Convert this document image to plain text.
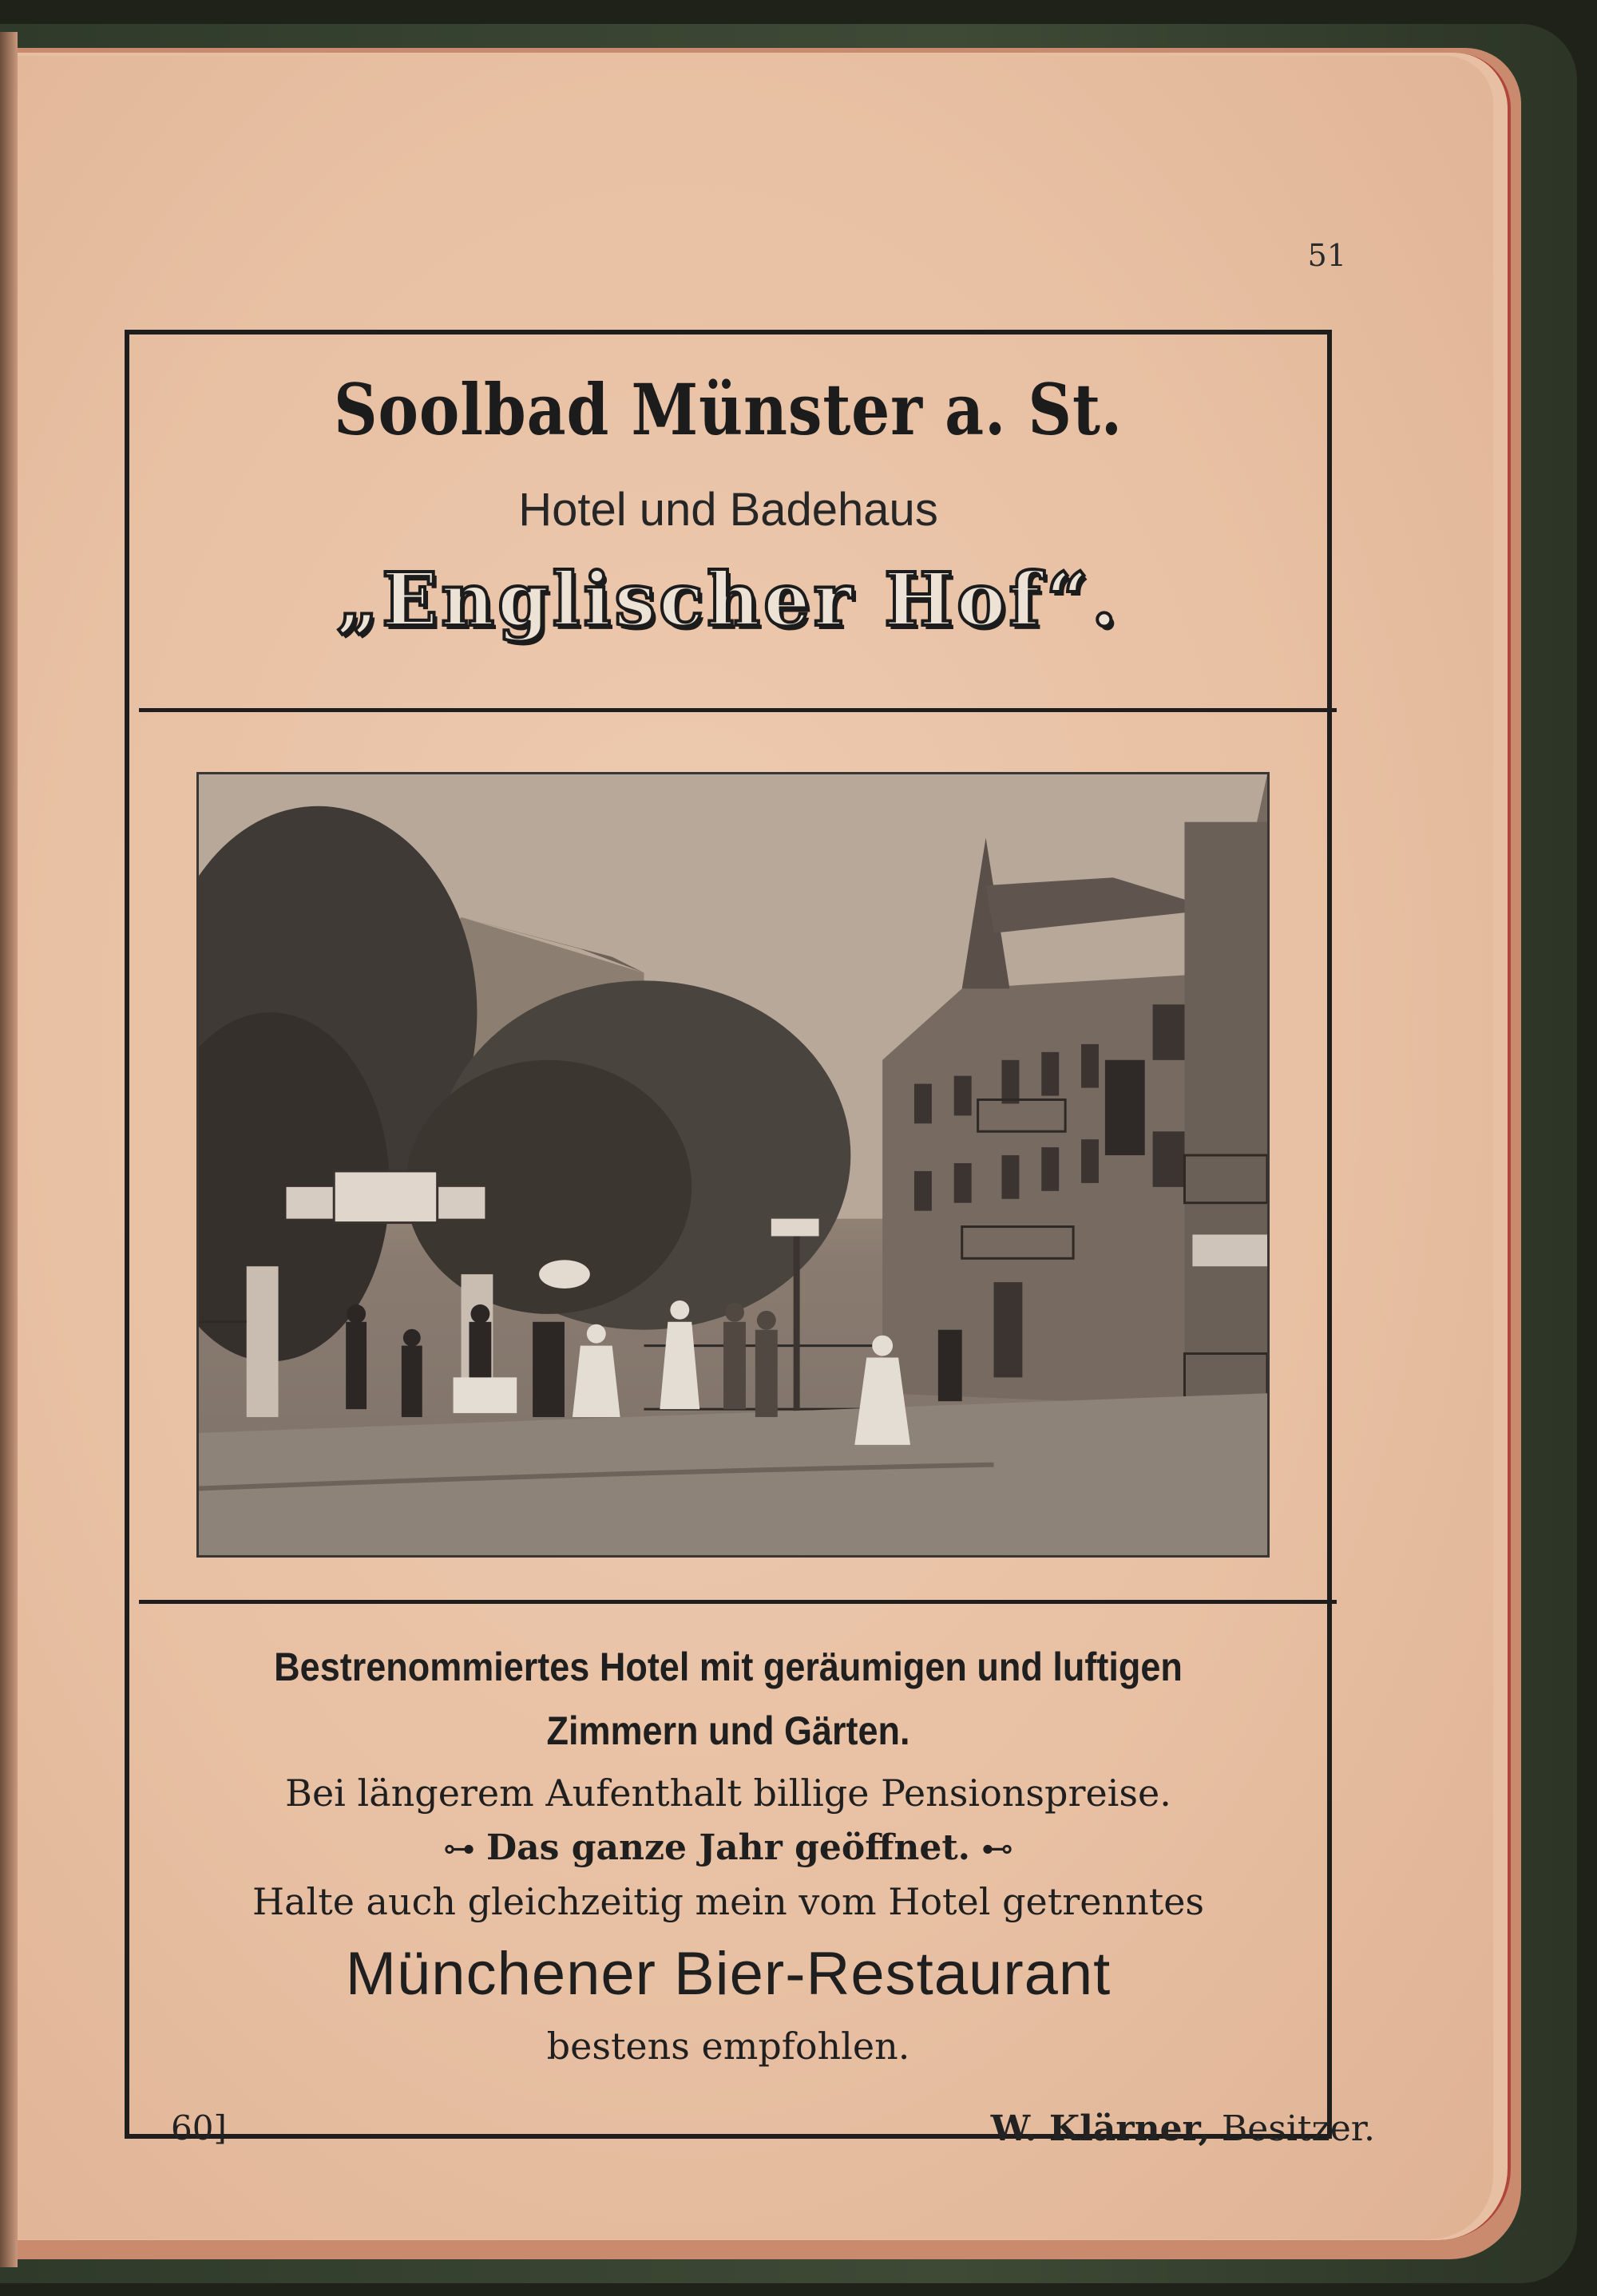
51
Soolbad Münster a. St.
Hotel und Badehaus
„Englischer Hof“.
Bestrenommiertes Hotel mit geräumigen und luftigen
Zimmern und Gärten.
Bei längerem Aufenthalt billige Pensionspreise.
⊶ Das ganze Jahr geöffnet. ⊷
Halte auch gleichzeitig mein vom Hotel getrenntes
Münchener Bier-Restaurant
bestens empfohlen.
60]	W. Klärner, Besitzer.
